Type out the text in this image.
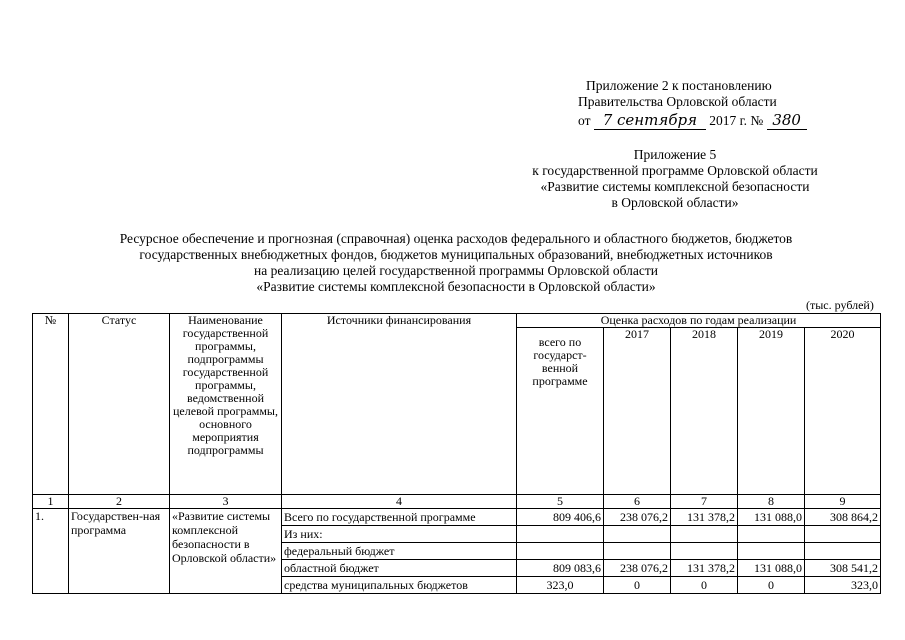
Приложение 2 к постановлению
Правительства Орловской области
от 7 сентября 2017 г. № 380
Приложение 5
к государственной программе Орловской области
«Развитие системы комплексной безопасности
в Орловской области»
Ресурсное обеспечение и прогнозная (справочная) оценка расходов федерального и областного бюджетов, бюджетов
государственных внебюджетных фондов, бюджетов муниципальных образований, внебюджетных источников
на реализацию целей государственной программы Орловской области
«Развитие системы комплексной безопасности в Орловской области»
(тыс. рублей)
№	Статус	Наименование государственной программы, подпрограммы государственной программы, ведомственной целевой программы, основного мероприятия подпрограммы	Источники финансирования	Оценка расходов по годам реализации				

				всего по государст-венной программе	2017	2018	2019	2020
1	2	3	4	5	6	7	8	9
1.	Государствен-ная программа	«Развитие системы комплексной безопасности в Орловской области»	Всего по государственной программе	809 406,6	238 076,2	131 378,2	131 088,0	308 864,2
			Из них:					
			федеральный бюджет					
			областной бюджет	809 083,6	238 076,2	131 378,2	131 088,0	308 541,2
			средства муниципальных бюджетов	323,0	0	0	0	323,0
